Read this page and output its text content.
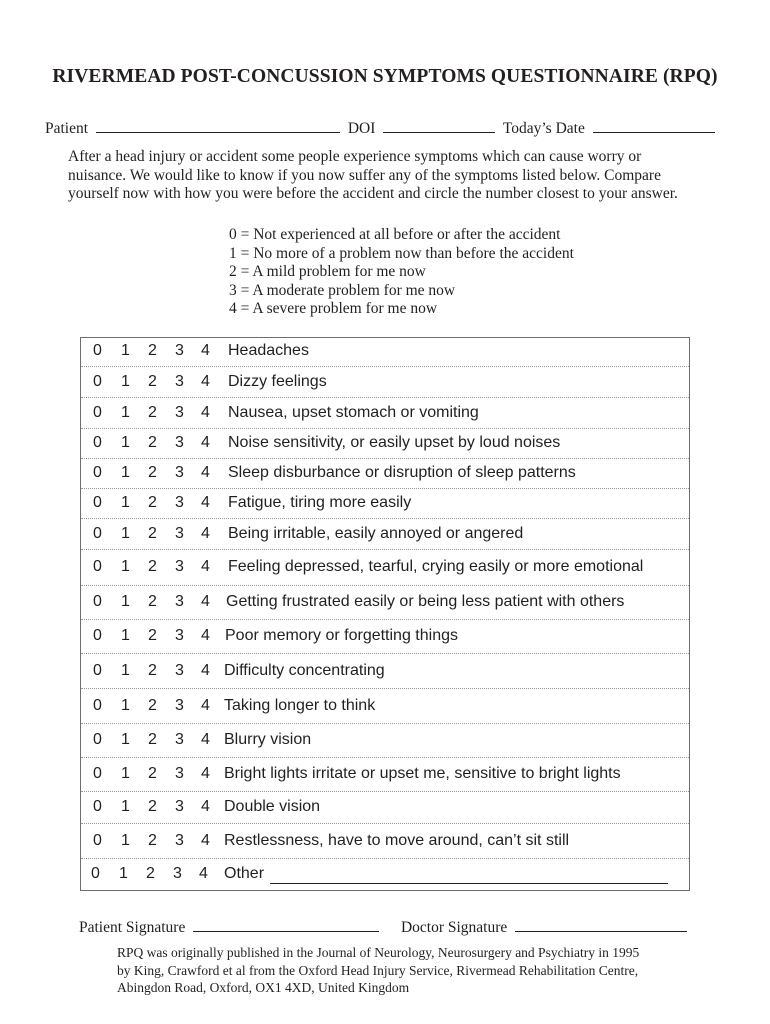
RIVERMEAD POST-CONCUSSION SYMPTOMS QUESTIONNAIRE (RPQ)
Patient	DOI	Today’s Date
After a head injury or accident some people experience symptoms which can cause worry or
nuisance. We would like to know if you now suffer any of the symptoms listed below. Compare
yourself now with how you were before the accident and circle the number closest to your answer.
0 = Not experienced at all before or after the accident
1 = No more of a problem now than before the accident
2 = A mild problem for me now
3 = A moderate problem for me now
4 = A severe problem for me now
0 1 2 3 4 Headaches
0 1 2 3 4 Dizzy feelings
0 1 2 3 4 Nausea, upset stomach or vomiting
0 1 2 3 4 Noise sensitivity, or easily upset by loud noises
0 1 2 3 4 Sleep disburbance or disruption of sleep patterns
0 1 2 3 4 Fatigue, tiring more easily
0 1 2 3 4 Being irritable, easily annoyed or angered
0 1 2 3 4 Feeling depressed, tearful, crying easily or more emotional
0 1 2 3 4 Getting frustrated easily or being less patient with others
0 1 2 3 4 Poor memory or forgetting things
0 1 2 3 4 Difficulty concentrating
0 1 2 3 4 Taking longer to think
0 1 2 3 4 Blurry vision
0 1 2 3 4 Bright lights irritate or upset me, sensitive to bright lights
0 1 2 3 4 Double vision
0 1 2 3 4 Restlessness, have to move around, can’t sit still
0 1 2 3 4 Other
Patient Signature	Doctor Signature
RPQ was originally published in the Journal of Neurology, Neurosurgery and Psychiatry in 1995
by King, Crawford et al from the Oxford Head Injury Service, Rivermead Rehabilitation Centre,
Abingdon Road, Oxford, OX1 4XD, United Kingdom
